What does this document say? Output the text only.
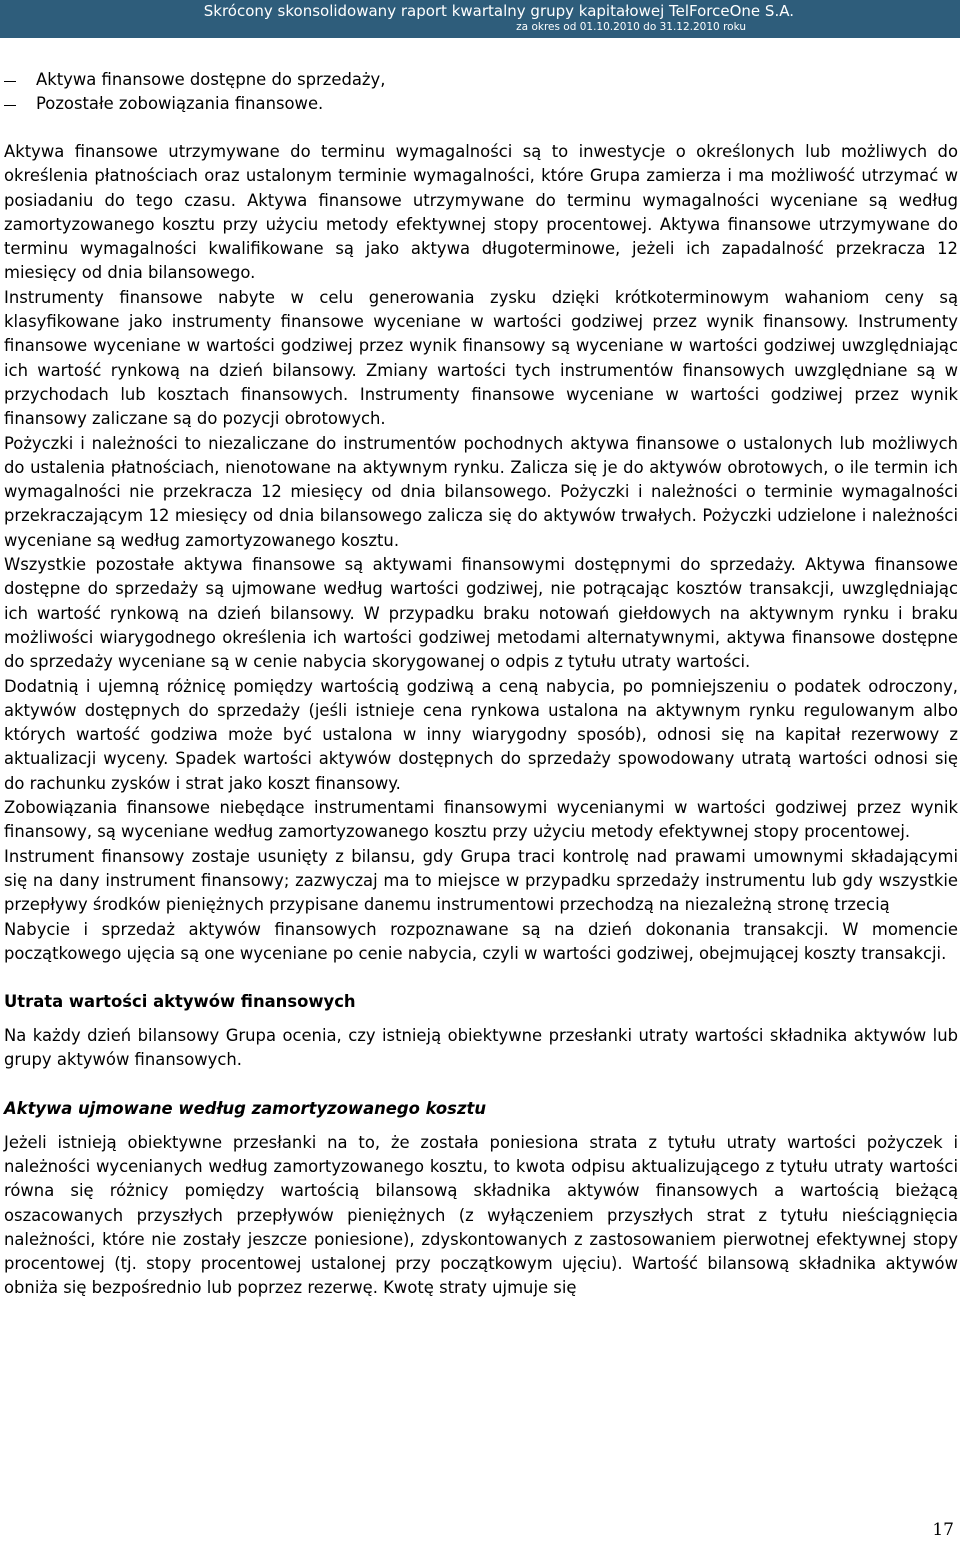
Skrócony skonsolidowany raport kwartalny grupy kapitałowej TelForceOne S.A.
za okres od 01.10.2010 do 31.12.2010 roku
Aktywa finansowe dostępne do sprzedaży,
Pozostałe zobowiązania finansowe.

Aktywa finansowe utrzymywane do terminu wymagalności są to inwestycje o określonych lub możliwych do określenia płatnościach oraz ustalonym terminie wymagalności, które Grupa zamierza i ma możliwość utrzymać w posiadaniu do tego czasu. Aktywa finansowe utrzymywane do terminu wymagalności wyceniane są według zamortyzowanego kosztu przy użyciu metody efektywnej stopy procentowej. Aktywa finansowe utrzymywane do terminu wymagalności kwalifikowane są jako aktywa długoterminowe, jeżeli ich zapadalność przekracza 12 miesięcy od dnia bilansowego.

Instrumenty finansowe nabyte w celu generowania zysku dzięki krótkoterminowym wahaniom ceny są klasyfikowane jako instrumenty finansowe wyceniane w wartości godziwej przez wynik finansowy. Instrumenty finansowe wyceniane w wartości godziwej przez wynik finansowy są wyceniane w wartości godziwej uwzględniając ich wartość rynkową na dzień bilansowy. Zmiany wartości tych instrumentów finansowych uwzględniane są w przychodach lub kosztach finansowych. Instrumenty finansowe wyceniane w wartości godziwej przez wynik finansowy zaliczane są do pozycji obrotowych.

Pożyczki i należności to niezaliczane do instrumentów pochodnych aktywa finansowe o ustalonych lub możliwych do ustalenia płatnościach, nienotowane na aktywnym rynku. Zalicza się je do aktywów obrotowych, o ile termin ich wymagalności nie przekracza 12 miesięcy od dnia bilansowego. Pożyczki i należności o terminie wymagalności przekraczającym 12 miesięcy od dnia bilansowego zalicza się do aktywów trwałych. Pożyczki udzielone i należności wyceniane są według zamortyzowanego kosztu.

Wszystkie pozostałe aktywa finansowe są aktywami finansowymi dostępnymi do sprzedaży. Aktywa finansowe dostępne do sprzedaży są ujmowane według wartości godziwej, nie potrącając kosztów transakcji, uwzględniając ich wartość rynkową na dzień bilansowy. W przypadku braku notowań giełdowych na aktywnym rynku i braku możliwości wiarygodnego określenia ich wartości godziwej metodami alternatywnymi, aktywa finansowe dostępne do sprzedaży wyceniane są w cenie nabycia skorygowanej o odpis z tytułu utraty wartości.

Dodatnią i ujemną różnicę pomiędzy wartością godziwą a ceną nabycia, po pomniejszeniu o podatek odroczony, aktywów dostępnych do sprzedaży (jeśli istnieje cena rynkowa ustalona na aktywnym rynku regulowanym albo których wartość godziwa może być ustalona w inny wiarygodny sposób), odnosi się na kapitał rezerwowy z aktualizacji wyceny. Spadek wartości aktywów dostępnych do sprzedaży spowodowany utratą wartości odnosi się do rachunku zysków i strat jako koszt finansowy.

Zobowiązania finansowe niebędące instrumentami finansowymi wycenianymi w wartości godziwej przez wynik finansowy, są wyceniane według zamortyzowanego kosztu przy użyciu metody efektywnej stopy procentowej.

Instrument finansowy zostaje usunięty z bilansu, gdy Grupa traci kontrolę nad prawami umownymi składającymi się na dany instrument finansowy; zazwyczaj ma to miejsce w przypadku sprzedaży instrumentu lub gdy wszystkie przepływy środków pieniężnych przypisane danemu instrumentowi przechodzą na niezależną stronę trzecią

Nabycie i sprzedaż aktywów finansowych rozpoznawane są na dzień dokonania transakcji. W momencie początkowego ujęcia są one wyceniane po cenie nabycia, czyli w wartości godziwej, obejmującej koszty transakcji.

Utrata wartości aktywów finansowych

Na każdy dzień bilansowy Grupa ocenia, czy istnieją obiektywne przesłanki utraty wartości składnika aktywów lub grupy aktywów finansowych.

Aktywa ujmowane według zamortyzowanego kosztu

Jeżeli istnieją obiektywne przesłanki na to, że została poniesiona strata z tytułu utraty wartości pożyczek i należności wycenianych według zamortyzowanego kosztu, to kwota odpisu aktualizującego z tytułu utraty wartości równa się różnicy pomiędzy wartością bilansową składnika aktywów finansowych a wartością bieżącą oszacowanych przyszłych przepływów pieniężnych (z wyłączeniem przyszłych strat z tytułu nieściągnięcia należności, które nie zostały jeszcze poniesione), zdyskontowanych z zastosowaniem pierwotnej efektywnej stopy procentowej (tj. stopy procentowej ustalonej przy początkowym ujęciu). Wartość bilansową składnika aktywów obniża się bezpośrednio lub poprzez rezerwę. Kwotę straty ujmuje się

17
